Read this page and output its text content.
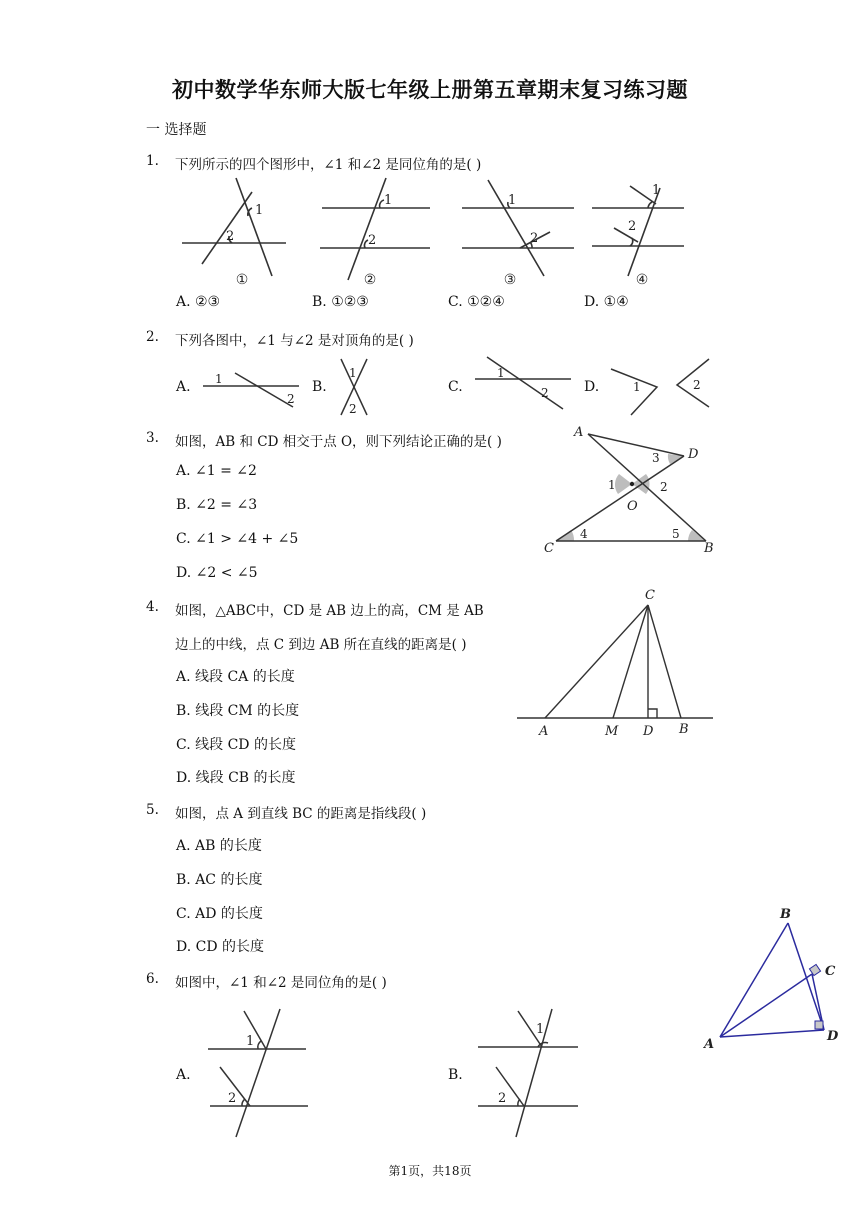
初中数学华东师大版七年级上册第五章期末复习练习题
一 选择题
1. 下列所示的四个图形中，∠1 和∠2 是同位角的是( )
1
2
1
2
1
2
1
2
①	②	③	④
A. ②③	B. ①②③	C. ①②④	D. ①④
2. 下列各图中，∠1 与∠2 是对顶角的是( )
A.	B.	C.	D.
1
2
1
2
1
2	1	2
3. 如图，AB 和 CD 相交于点 O，则下列结论正确的是( )
A. ∠1 = ∠2
B. ∠2 = ∠3
C. ∠1 > ∠4 + ∠5
D. ∠2 < ∠5
A
D
O
C	B
1	2
3
4	5
4. 如图，△ABC中，CD 是 AB 边上的高，CM 是 AB
边上的中线，点 C 到边 AB 所在直线的距离是( )
A. 线段 CA 的长度
B. 线段 CM 的长度
C. 线段 CD 的长度
D. 线段 CB 的长度
C
A	M D B
5. 如图，点 A 到直线 BC 的距离是指线段( )
A. AB 的长度
B. AC 的长度
C. AD 的长度
D. CD 的长度
B
C
D
A
6. 如图中，∠1 和∠2 是同位角的是( )
A.	B.
1
2
1
2
第1页，共18页
